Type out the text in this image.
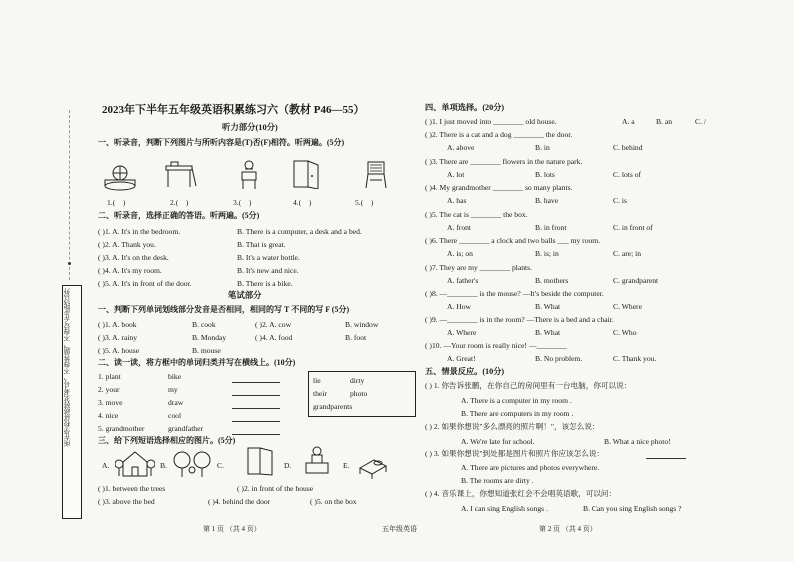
所在学校班级姓名考号，不得答题，不得写在此线以外
2023年下半年五年级英语积累练习六（教材 P46—55）
听力部分(10分)
一、听录音，判断下列图片与所听内容是(T)否(F)相符。听两遍。(5分)
1.( )	2.( )	3.( )	4.( )	5.( )
二、听录音，选择正确的答语。听两遍。(5分)
( )1. A. It's in the bedroom.	B. There is a computer, a desk and a bed.
( )2. A. Thank you.	B. That is great.
( )3. A. It's on the desk.	B. It's a water bottle.
( )4. A. It's my room.	B. It's new and nice.
( )5. A. It's in front of the door.	B. There is a bike.
笔试部分
一、判断下列单词划线部分发音是否相同，相同的写 T 不同的写 F (5分)
( )1. A. book	B. cook	( )2. A. cow	B. window
( )3. A. rainy	B. Monday	( )4. A. food	B. foot
( )5. A. house	B. mouse
二、读一读，将方框中的单词归类并写在横线上。(10分)
1. plant	bike
2. your	my
3. move	draw
4. nice	cool
5. grandmother	grandfather
lie	dirty
their	photo
grandparents
三、给下列短语选择相应的图片。(5分)
A.	B.	C.	D.	E.
( )1. between the trees	( )2. in front of the house
( )3. above the bed	( )4. behind the door	( )5. on the box
四、单项选择。(20分)
( )1. I just moved into ________ old house.	A. a	B. an	C. /
( )2. There is a cat and a dog ________ the door.
A. above	B. in	C. behind
( )3. There are ________ flowers in the nature park.
A. lot	B. lots	C. lots of
( )4. My grandmother ________ so many plants.
A. has	B. have	C. is
( )5. The cat is ________ the box.
A. front	B. in front	C. in front of
( )6. There ________ a clock and two balls ___ my room.
A. is; on	B. is; in	C. are; in
( )7. They are my ________ plants.
A. father's	B. mothers	C. grandparent
( )8. —________ is the mouse? —It's beside the computer.
A. How	B. What	C. Where
( )9. —________ is in the room? —There is a bed and a chair.
A. Where	B. What	C. Who
( )10. —Your room is really nice! —________
A. Great!	B. No problem.	C. Thank you.
五、情景反应。(10分)
( ) 1. 你告诉张鹏，在你自己的房间里有一台电脑，你可以说：
A. There is a computer in my room .
B. There are computers in my room .
( ) 2. 如果你想说"多么漂亮的照片啊！"，该怎么说：
A. We're late for school.	B. What a nice photo!
( ) 3. 如果你想说"到处都是图片和照片你应该怎么说：
A. There are pictures and photos everywhere.
B. The rooms are dirty .
( ) 4. 音乐课上，你想知道张红会不会唱英语歌，可以问：
A. I can sing English songs .	B. Can you sing English songs ?
第 1 页 （共 4 页）	五年级英语	第 2 页 （共 4 页）
